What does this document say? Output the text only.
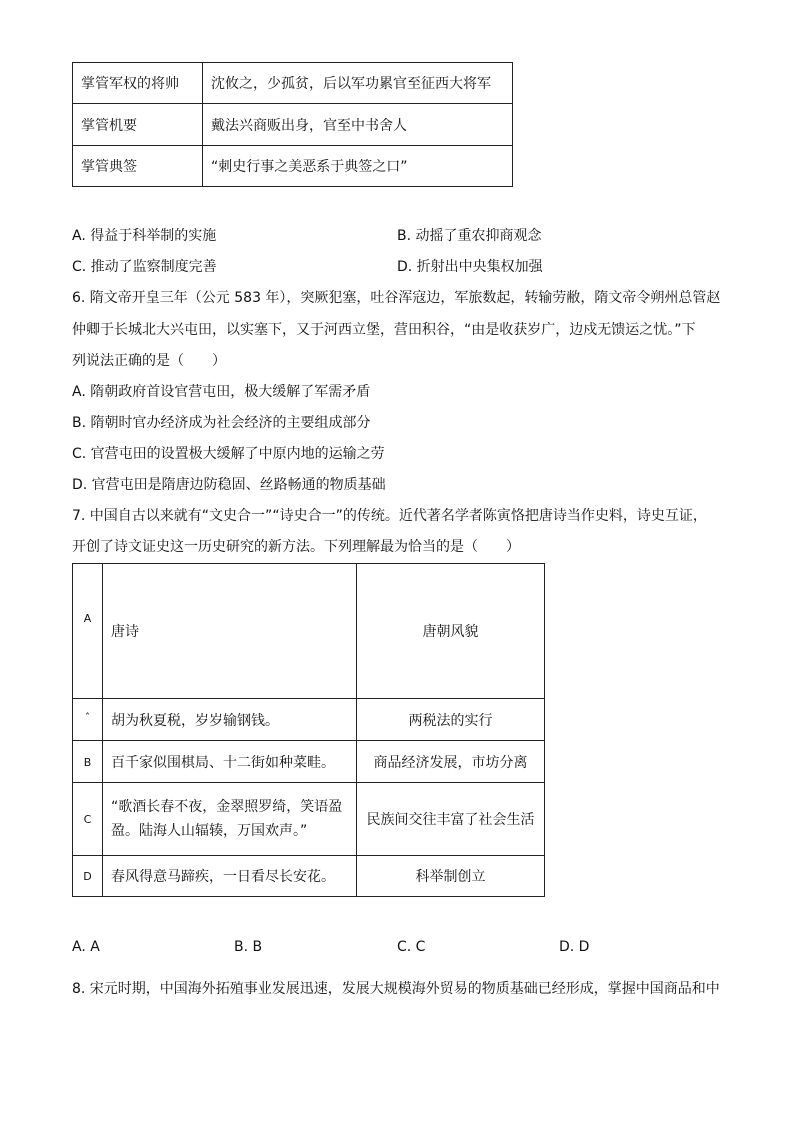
掌管军权的将帅	沈攸之，少孤贫，后以军功累官至征西大将军
掌管机要	戴法兴商贩出身，官至中书舍人
掌管典签	“刺史行事之美恶系于典签之口”
A. 得益于科举制的实施	B. 动摇了重农抑商观念
C. 推动了监察制度完善	D. 折射出中央集权加强
6. 隋文帝开皇三年（公元 583 年），突厥犯塞，吐谷浑寇边，军旅数起，转输劳敝，隋文帝令朔州总管赵
仲卿于长城北大兴屯田，以实塞下，又于河西立堡，营田积谷，“由是收获岁广，边戍无馈运之忧。”下
列说法正确的是（　　）
A. 隋朝政府首设官营屯田，极大缓解了军需矛盾
B. 隋朝时官办经济成为社会经济的主要组成部分
C. 官营屯田的设置极大缓解了中原内地的运输之劳
D. 官营屯田是隋唐边防稳固、丝路畅通的物质基础
7. 中国自古以来就有“文史合一”“诗史合一”的传统。近代著名学者陈寅恪把唐诗当作史料，诗史互证，
开创了诗文证史这一历史研究的新方法。下列理解最为恰当的是（　　）
A	唐诗	唐朝风貌
ˆ	胡为秋夏税，岁岁输钢钱。	两税法的实行
B	百千家似围棋局、十二街如种菜畦。	商品经济发展，市坊分离
C	“歌酒长春不夜，金翠照罗绮，笑语盈
盈。陆海人山辐辏，万国欢声。”	民族间交往丰富了社会生活
D	春风得意马蹄疾，一日看尽长安花。	科举制创立
A. A	B. B	C. C	D. D
8. 宋元时期，中国海外拓殖事业发展迅速，发展大规模海外贸易的物质基础已经形成，掌握中国商品和中
